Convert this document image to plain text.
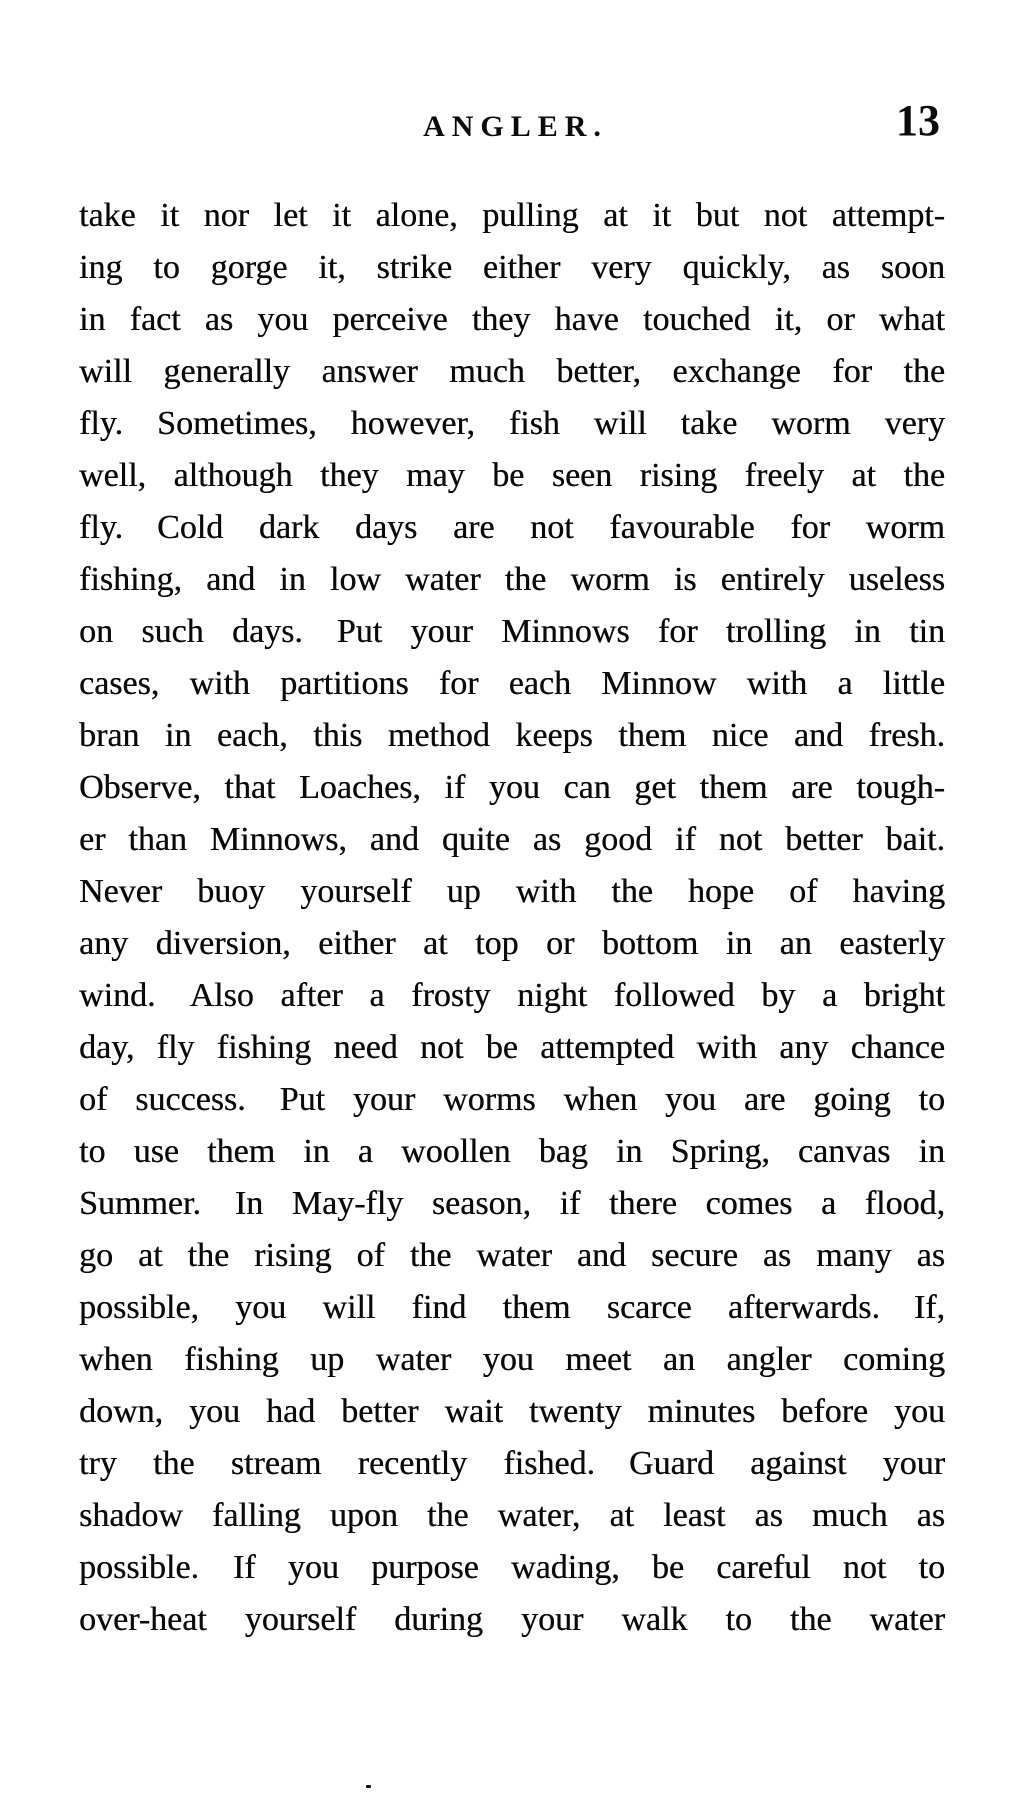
ANGLER.	13
take it nor let it alone, pulling at it but not attempt-
ing to gorge it, strike either very quickly, as soon
in fact as you perceive they have touched it, or what
will generally answer much better, exchange for the
fly. Sometimes, however, fish will take worm very
well, although they may be seen rising freely at the
fly. Cold dark days are not favourable for worm
fishing, and in low water the worm is entirely useless
on such days. Put your Minnows for trolling in tin
cases, with partitions for each Minnow with a little
bran in each, this method keeps them nice and fresh.
Observe, that Loaches, if you can get them are tough-
er than Minnows, and quite as good if not better bait.
Never buoy yourself up with the hope of having
any diversion, either at top or bottom in an easterly
wind. Also after a frosty night followed by a bright
day, fly fishing need not be attempted with any chance
of success. Put your worms when you are going to
to use them in a woollen bag in Spring, canvas in
Summer. In May-fly season, if there comes a flood,
go at the rising of the water and secure as many as
possible, you will find them scarce afterwards. If,
when fishing up water you meet an angler coming
down, you had better wait twenty minutes before you
try the stream recently fished. Guard against your
shadow falling upon the water, at least as much as
possible. If you purpose wading, be careful not to
over-heat yourself during your walk to the water
